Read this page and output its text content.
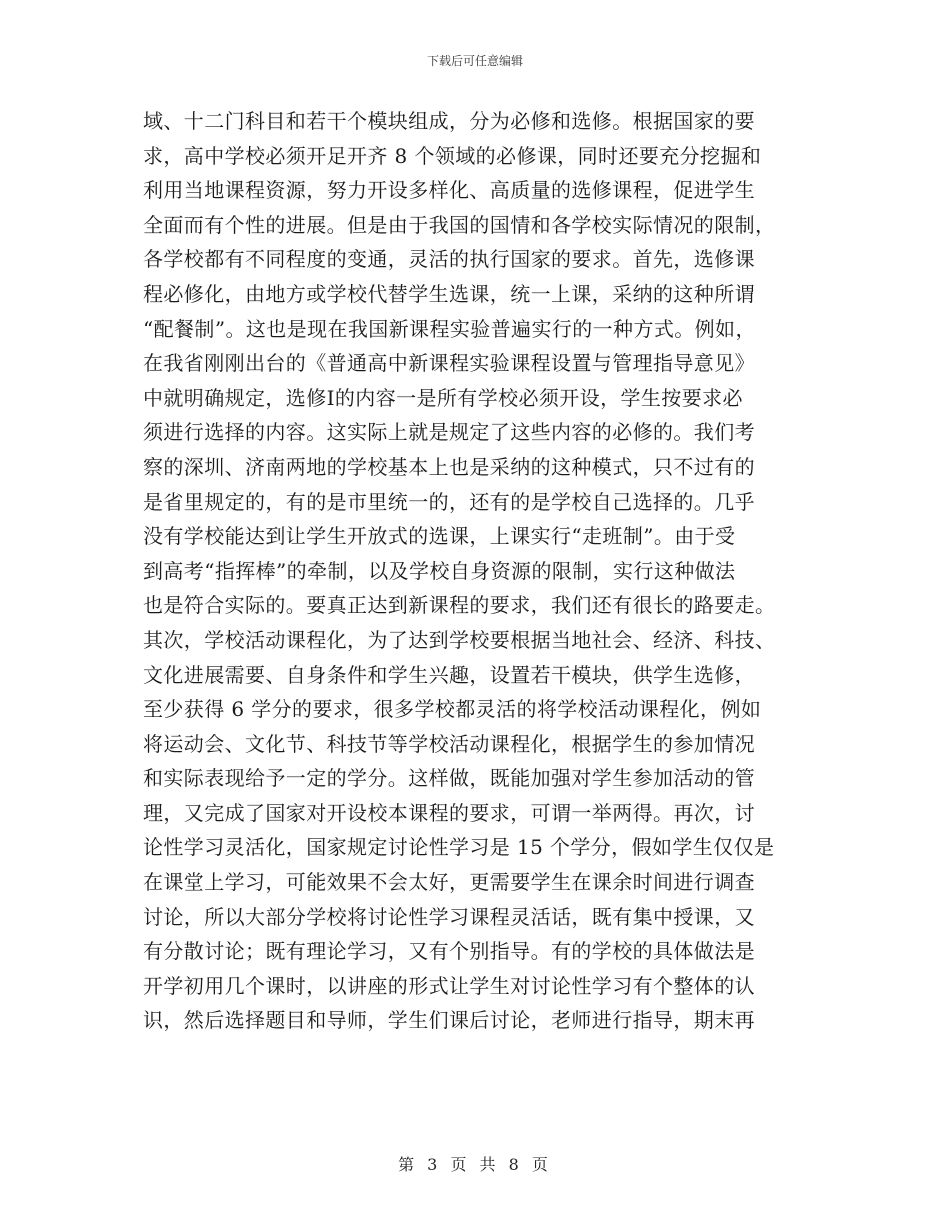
下载后可任意编辑
域、十二门科目和若干个模块组成，分为必修和选修。根据国家的要
求，高中学校必须开足开齐 8 个领域的必修课，同时还要充分挖掘和
利用当地课程资源，努力开设多样化、高质量的选修课程，促进学生
全面而有个性的进展。但是由于我国的国情和各学校实际情况的限制，
各学校都有不同程度的变通，灵活的执行国家的要求。首先，选修课
程必修化，由地方或学校代替学生选课，统一上课，采纳的这种所谓
“配餐制”。这也是现在我国新课程实验普遍实行的一种方式。例如，
在我省刚刚出台的《普通高中新课程实验课程设置与管理指导意见》
中就明确规定，选修Ⅰ的内容一是所有学校必须开设，学生按要求必
须进行选择的内容。这实际上就是规定了这些内容的必修的。我们考
察的深圳、济南两地的学校基本上也是采纳的这种模式，只不过有的
是省里规定的，有的是市里统一的，还有的是学校自己选择的。几乎
没有学校能达到让学生开放式的选课，上课实行“走班制”。由于受
到高考“指挥棒”的牵制，以及学校自身资源的限制，实行这种做法
也是符合实际的。要真正达到新课程的要求，我们还有很长的路要走。
其次，学校活动课程化，为了达到学校要根据当地社会、经济、科技、
文化进展需要、自身条件和学生兴趣，设置若干模块，供学生选修，
至少获得 6 学分的要求，很多学校都灵活的将学校活动课程化，例如
将运动会、文化节、科技节等学校活动课程化，根据学生的参加情况
和实际表现给予一定的学分。这样做，既能加强对学生参加活动的管
理，又完成了国家对开设校本课程的要求，可谓一举两得。再次，讨
论性学习灵活化，国家规定讨论性学习是 15 个学分，假如学生仅仅是
在课堂上学习，可能效果不会太好，更需要学生在课余时间进行调查
讨论，所以大部分学校将讨论性学习课程灵活话，既有集中授课，又
有分散讨论；既有理论学习，又有个别指导。有的学校的具体做法是
开学初用几个课时，以讲座的形式让学生对讨论性学习有个整体的认
识，然后选择题目和导师，学生们课后讨论，老师进行指导，期末再
第 3 页 共 8 页
